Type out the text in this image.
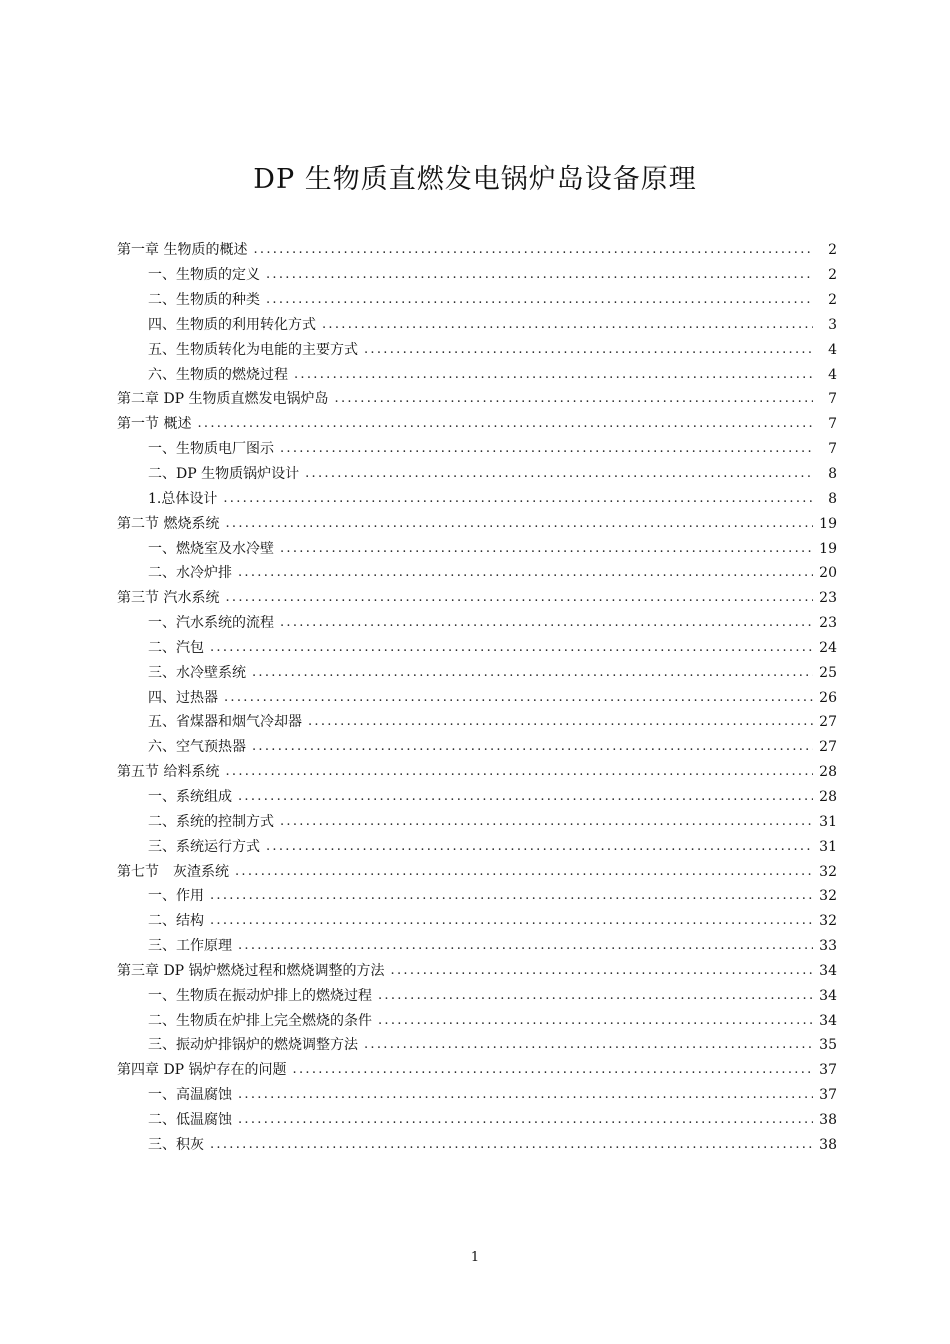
DP 生物质直燃发电锅炉岛设备原理
第一章 生物质的概述 .....	2
一、生物质的定义 .....	2
二、生物质的种类 .....	2
四、生物质的利用转化方式 .....	3
五、生物质转化为电能的主要方式 .....	4
六、生物质的燃烧过程 .....	4
第二章 DP 生物质直燃发电锅炉岛 .....	7
第一节 概述 .....	7
一、生物质电厂图示 .....	7
二、DP 生物质锅炉设计 .....	8
1.总体设计 .....	8
第二节 燃烧系统 .....	19
一、燃烧室及水冷壁 .....	19
二、水冷炉排 .....	20
第三节 汽水系统 .....	23
一、汽水系统的流程 .....	23
二、汽包 .....	24
三、水冷壁系统 .....	25
四、过热器 .....	26
五、省煤器和烟气冷却器 .....	27
六、空气预热器 .....	27
第五节 给料系统 .....	28
一、系统组成 .....	28
二、系统的控制方式 .....	31
三、系统运行方式 .....	31
第七节　灰渣系统 .....	32
一、作用 .....	32
二、结构 .....	32
三、工作原理 .....	33
第三章 DP 锅炉燃烧过程和燃烧调整的方法 .....	34
一、生物质在振动炉排上的燃烧过程 .....	34
二、生物质在炉排上完全燃烧的条件 .....	34
三、振动炉排锅炉的燃烧调整方法 .....	35
第四章 DP 锅炉存在的问题 .....	37
一、高温腐蚀 .....	37
二、低温腐蚀 .....	38
三、积灰 .....	38
1
